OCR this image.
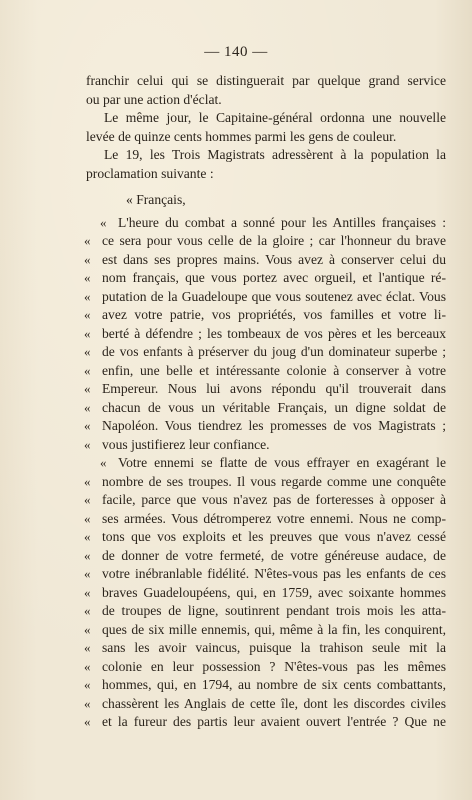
— 140 —
franchir celui qui se distinguerait par quelque grand service
ou par une action d'éclat.
Le même jour, le Capitaine-général ordonna une nouvelle
levée de quinze cents hommes parmi les gens de couleur.
Le 19, les Trois Magistrats adressèrent à la population la
proclamation suivante :
« Français,
« L'heure du combat a sonné pour les Antilles françaises :
« ce sera pour vous celle de la gloire ; car l'honneur du brave
« est dans ses propres mains. Vous avez à conserver celui du
« nom français, que vous portez avec orgueil, et l'antique ré-
« putation de la Guadeloupe que vous soutenez avec éclat. Vous
« avez votre patrie, vos propriétés, vos familles et votre li-
« berté à défendre ; les tombeaux de vos pères et les berceaux
« de vos enfants à préserver du joug d'un dominateur superbe ;
« enfin, une belle et intéressante colonie à conserver à votre
« Empereur. Nous lui avons répondu qu'il trouverait dans
« chacun de vous un véritable Français, un digne soldat de
« Napoléon. Vous tiendrez les promesses de vos Magistrats ;
« vous justifierez leur confiance.
« Votre ennemi se flatte de vous effrayer en exagérant le
« nombre de ses troupes. Il vous regarde comme une conquête
« facile, parce que vous n'avez pas de forteresses à opposer à
« ses armées. Vous détromperez votre ennemi. Nous ne comp-
« tons que vos exploits et les preuves que vous n'avez cessé
« de donner de votre fermeté, de votre généreuse audace, de
« votre inébranlable fidélité. N'êtes-vous pas les enfants de ces
« braves Guadeloupéens, qui, en 1759, avec soixante hommes
« de troupes de ligne, soutinrent pendant trois mois les atta-
« ques de six mille ennemis, qui, même à la fin, les conquirent,
« sans les avoir vaincus, puisque la trahison seule mit la
« colonie en leur possession ? N'êtes-vous pas les mêmes
« hommes, qui, en 1794, au nombre de six cents combattants,
« chassèrent les Anglais de cette île, dont les discordes civiles
« et la fureur des partis leur avaient ouvert l'entrée ? Que ne
